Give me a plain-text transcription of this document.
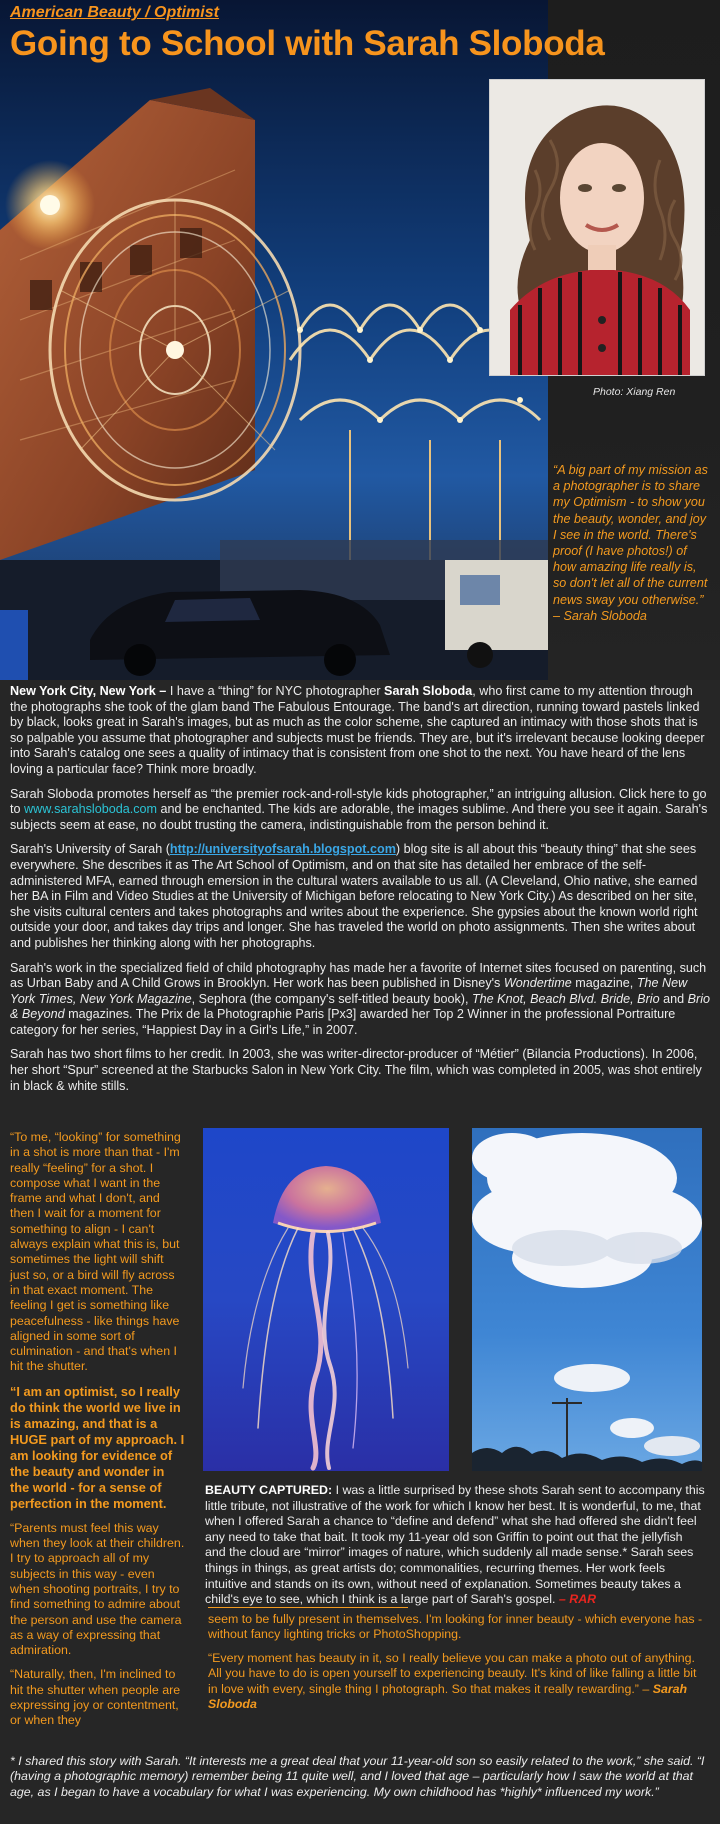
American Beauty / Optimist
Going to School with Sarah Sloboda
Photo: Xiang Ren
“A big part of my mission as a photographer is to share my Optimism - to show you the beauty, wonder, and joy I see in the world. There's proof (I have photos!) of how amazing life really is, so don't let all of the current news sway you otherwise.” – Sarah Sloboda

New York City, New York – I have a “thing” for NYC photographer Sarah Sloboda, who first came to my attention through the photographs she took of the glam band The Fabulous Entourage. The band's art direction, running toward pastels linked by black, looks great in Sarah's images, but as much as the color scheme, she captured an intimacy with those shots that is so palpable you assume that photographer and subjects must be friends. They are, but it's irrelevant because looking deeper into Sarah's catalog one sees a quality of intimacy that is consistent from one shot to the next. You have heard of the lens loving a particular face? Think more broadly.

Sarah Sloboda promotes herself as “the premier rock-and-roll-style kids photographer,” an intriguing allusion. Click here to go to www.sarahsloboda.com and be enchanted. The kids are adorable, the images sublime. And there you see it again. Sarah's subjects seem at ease, no doubt trusting the camera, indistinguishable from the person behind it.

Sarah's University of Sarah (http://universityofsarah.blogspot.com) blog site is all about this “beauty thing” that she sees everywhere. She describes it as The Art School of Optimism, and on that site has detailed her embrace of the self-administered MFA, earned through emersion in the cultural waters available to us all. (A Cleveland, Ohio native, she earned her BA in Film and Video Studies at the University of Michigan before relocating to New York City.) As described on her site, she visits cultural centers and takes photographs and writes about the experience. She gypsies about the known world right outside your door, and takes day trips and longer. She has traveled the world on photo assignments. Then she writes about and publishes her thinking along with her photographs.

Sarah's work in the specialized field of child photography has made her a favorite of Internet sites focused on parenting, such as Urban Baby and A Child Grows in Brooklyn. Her work has been published in Disney's Wondertime magazine, The New York Times, New York Magazine, Sephora (the company's self-titled beauty book), The Knot, Beach Blvd. Bride, Brio and Brio & Beyond magazines. The Prix de la Photographie Paris [Px3] awarded her Top 2 Winner in the professional Portraiture category for her series, “Happiest Day in a Girl's Life,” in 2007.

Sarah has two short films to her credit. In 2003, she was writer-director-producer of “Métier” (Bilancia Productions). In 2006, her short “Spur” screened at the Starbucks Salon in New York City. The film, which was completed in 2005, was shot entirely in black & white stills.

“To me, “looking” for something in a shot is more than that - I'm really “feeling” for a shot. I compose what I want in the frame and what I don't, and then I wait for a moment for something to align - I can't always explain what this is, but sometimes the light will shift just so, or a bird will fly across in that exact moment. The feeling I get is something like peacefulness - like things have aligned in some sort of culmination - and that's when I hit the shutter.

“I am an optimist, so I really do think the world we live in is amazing, and that is a HUGE part of my approach. I am looking for evidence of the beauty and wonder in the world - for a sense of perfection in the moment.

“Parents must feel this way when they look at their children. I try to approach all of my subjects in this way - even when shooting portraits, I try to find something to admire about the person and use the camera as a way of expressing that admiration.

“Naturally, then, I'm inclined to hit the shutter when people are expressing joy or contentment, or when they

BEAUTY CAPTURED: I was a little surprised by these shots Sarah sent to accompany this little tribute, not illustrative of the work for which I know her best. It is wonderful, to me, that when I offered Sarah a chance to “define and defend” what she had offered she didn't feel any need to take that bait. It took my 11-year old son Griffin to point out that the jellyfish and the cloud are “mirror” images of nature, which suddenly all made sense.* Sarah sees things in things, as great artists do; commonalities, recurring themes. Her work feels intuitive and stands on its own, without need of explanation. Sometimes beauty takes a child's eye to see, which I think is a large part of Sarah's gospel. – RAR

seem to be fully present in themselves. I'm looking for inner beauty - which everyone has - without fancy lighting tricks or PhotoShopping.

“Every moment has beauty in it, so I really believe you can make a photo out of anything. All you have to do is open yourself to experiencing beauty. It's kind of like falling a little bit in love with every, single thing I photograph. So that makes it really rewarding.” – Sarah Sloboda

* I shared this story with Sarah. “It interests me a great deal that your 11-year-old son so easily related to the work,” she said. “I (having a photographic memory) remember being 11 quite well, and I loved that age – particularly how I saw the world at that age, as I began to have a vocabulary for what I was experiencing. My own childhood has *highly* influenced my work.”
